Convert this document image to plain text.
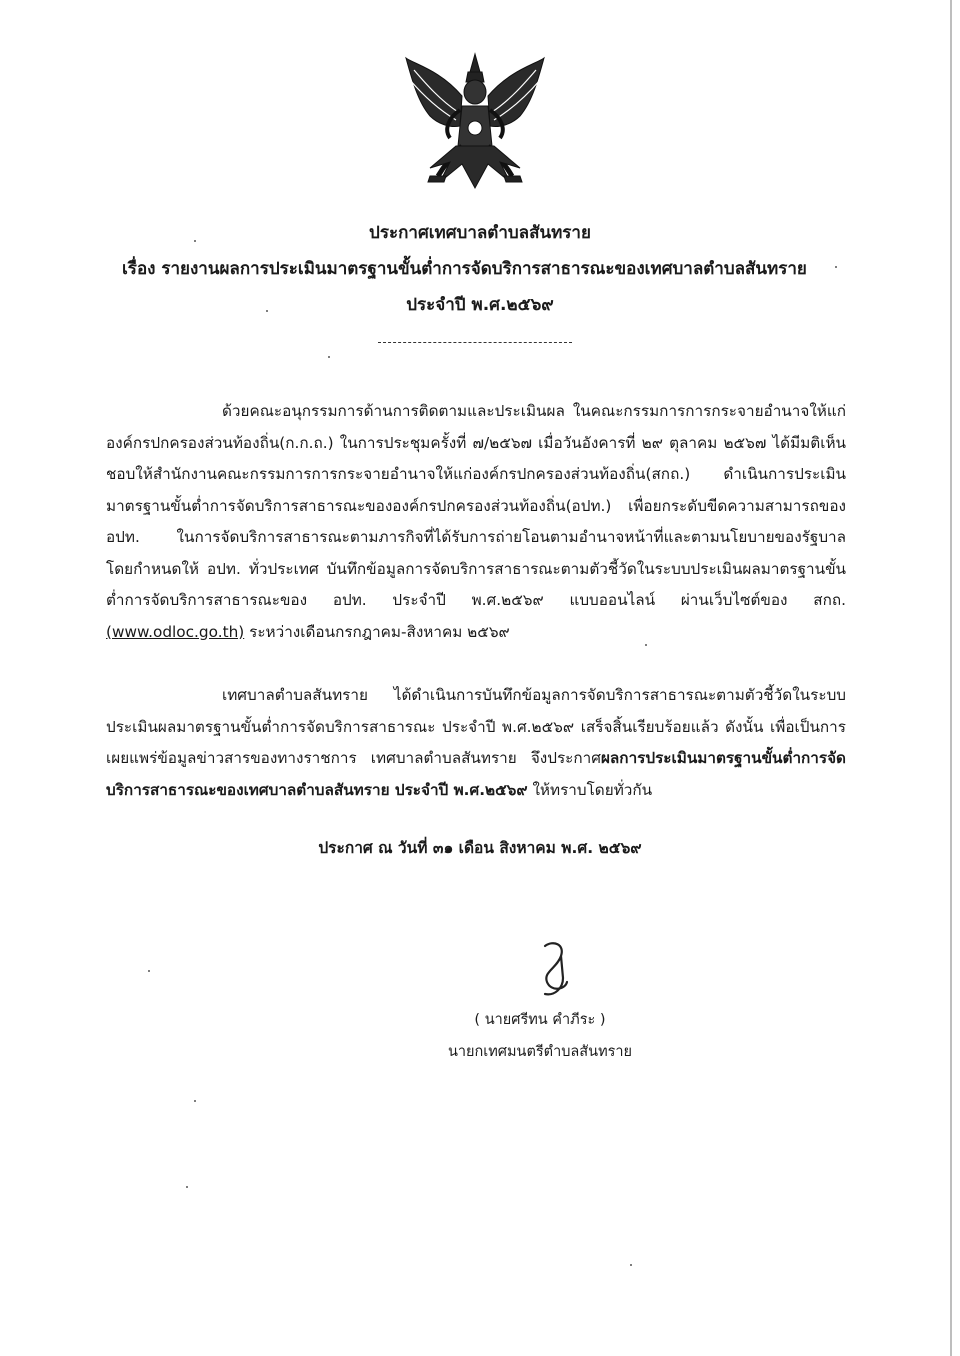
ประกาศเทศบาลตำบลสันทราย
เรื่อง รายงานผลการประเมินมาตรฐานขั้นต่ำการจัดบริการสาธารณะของเทศบาลตำบลสันทราย
ประจำปี พ.ศ.๒๕๖๙
ด้วยคณะอนุกรรมการด้านการติดตามและประเมินผล ในคณะกรรมการการกระจายอำนาจให้แก่องค์กรปกครองส่วนท้องถิ่น(ก.ก.ถ.) ในการประชุมครั้งที่ ๗/๒๕๖๗ เมื่อวันอังคารที่ ๒๙ ตุลาคม ๒๕๖๗ ได้มีมติเห็นชอบให้สำนักงานคณะกรรมการการกระจายอำนาจให้แก่องค์กรปกครองส่วนท้องถิ่น(สกถ.) ดำเนินการประเมินมาตรฐานขั้นต่ำการจัดบริการสาธารณะขององค์กรปกครองส่วนท้องถิ่น(อปท.) เพื่อยกระดับขีดความสามารถของ อปท. ในการจัดบริการสาธารณะตามภารกิจที่ได้รับการถ่ายโอนตามอำนาจหน้าที่และตามนโยบายของรัฐบาล โดยกำหนดให้ อปท. ทั่วประเทศ บันทึกข้อมูลการจัดบริการสาธารณะตามตัวชี้วัดในระบบประเมินผลมาตรฐานขั้นต่ำการจัดบริการสาธารณะของ อปท. ประจำปี พ.ศ.๒๕๖๙ แบบออนไลน์ ผ่านเว็บไซต์ของ สกถ. (www.odloc.go.th) ระหว่างเดือนกรกฎาคม-สิงหาคม ๒๕๖๙
เทศบาลตำบลสันทราย ได้ดำเนินการบันทึกข้อมูลการจัดบริการสาธารณะตามตัวชี้วัดในระบบประเมินผลมาตรฐานขั้นต่ำการจัดบริการสาธารณะ ประจำปี พ.ศ.๒๕๖๙ เสร็จสิ้นเรียบร้อยแล้ว ดังนั้น เพื่อเป็นการเผยแพร่ข้อมูลข่าวสารของทางราชการ เทศบาลตำบลสันทราย จึงประกาศผลการประเมินมาตรฐานขั้นต่ำการจัดบริการสาธารณะของเทศบาลตำบลสันทราย ประจำปี พ.ศ.๒๕๖๙ ให้ทราบโดยทั่วกัน
ประกาศ ณ วันที่ ๓๑ เดือน สิงหาคม พ.ศ. ๒๕๖๙
( นายศรีทน คำภีระ )
นายกเทศมนตรีตำบลสันทราย
